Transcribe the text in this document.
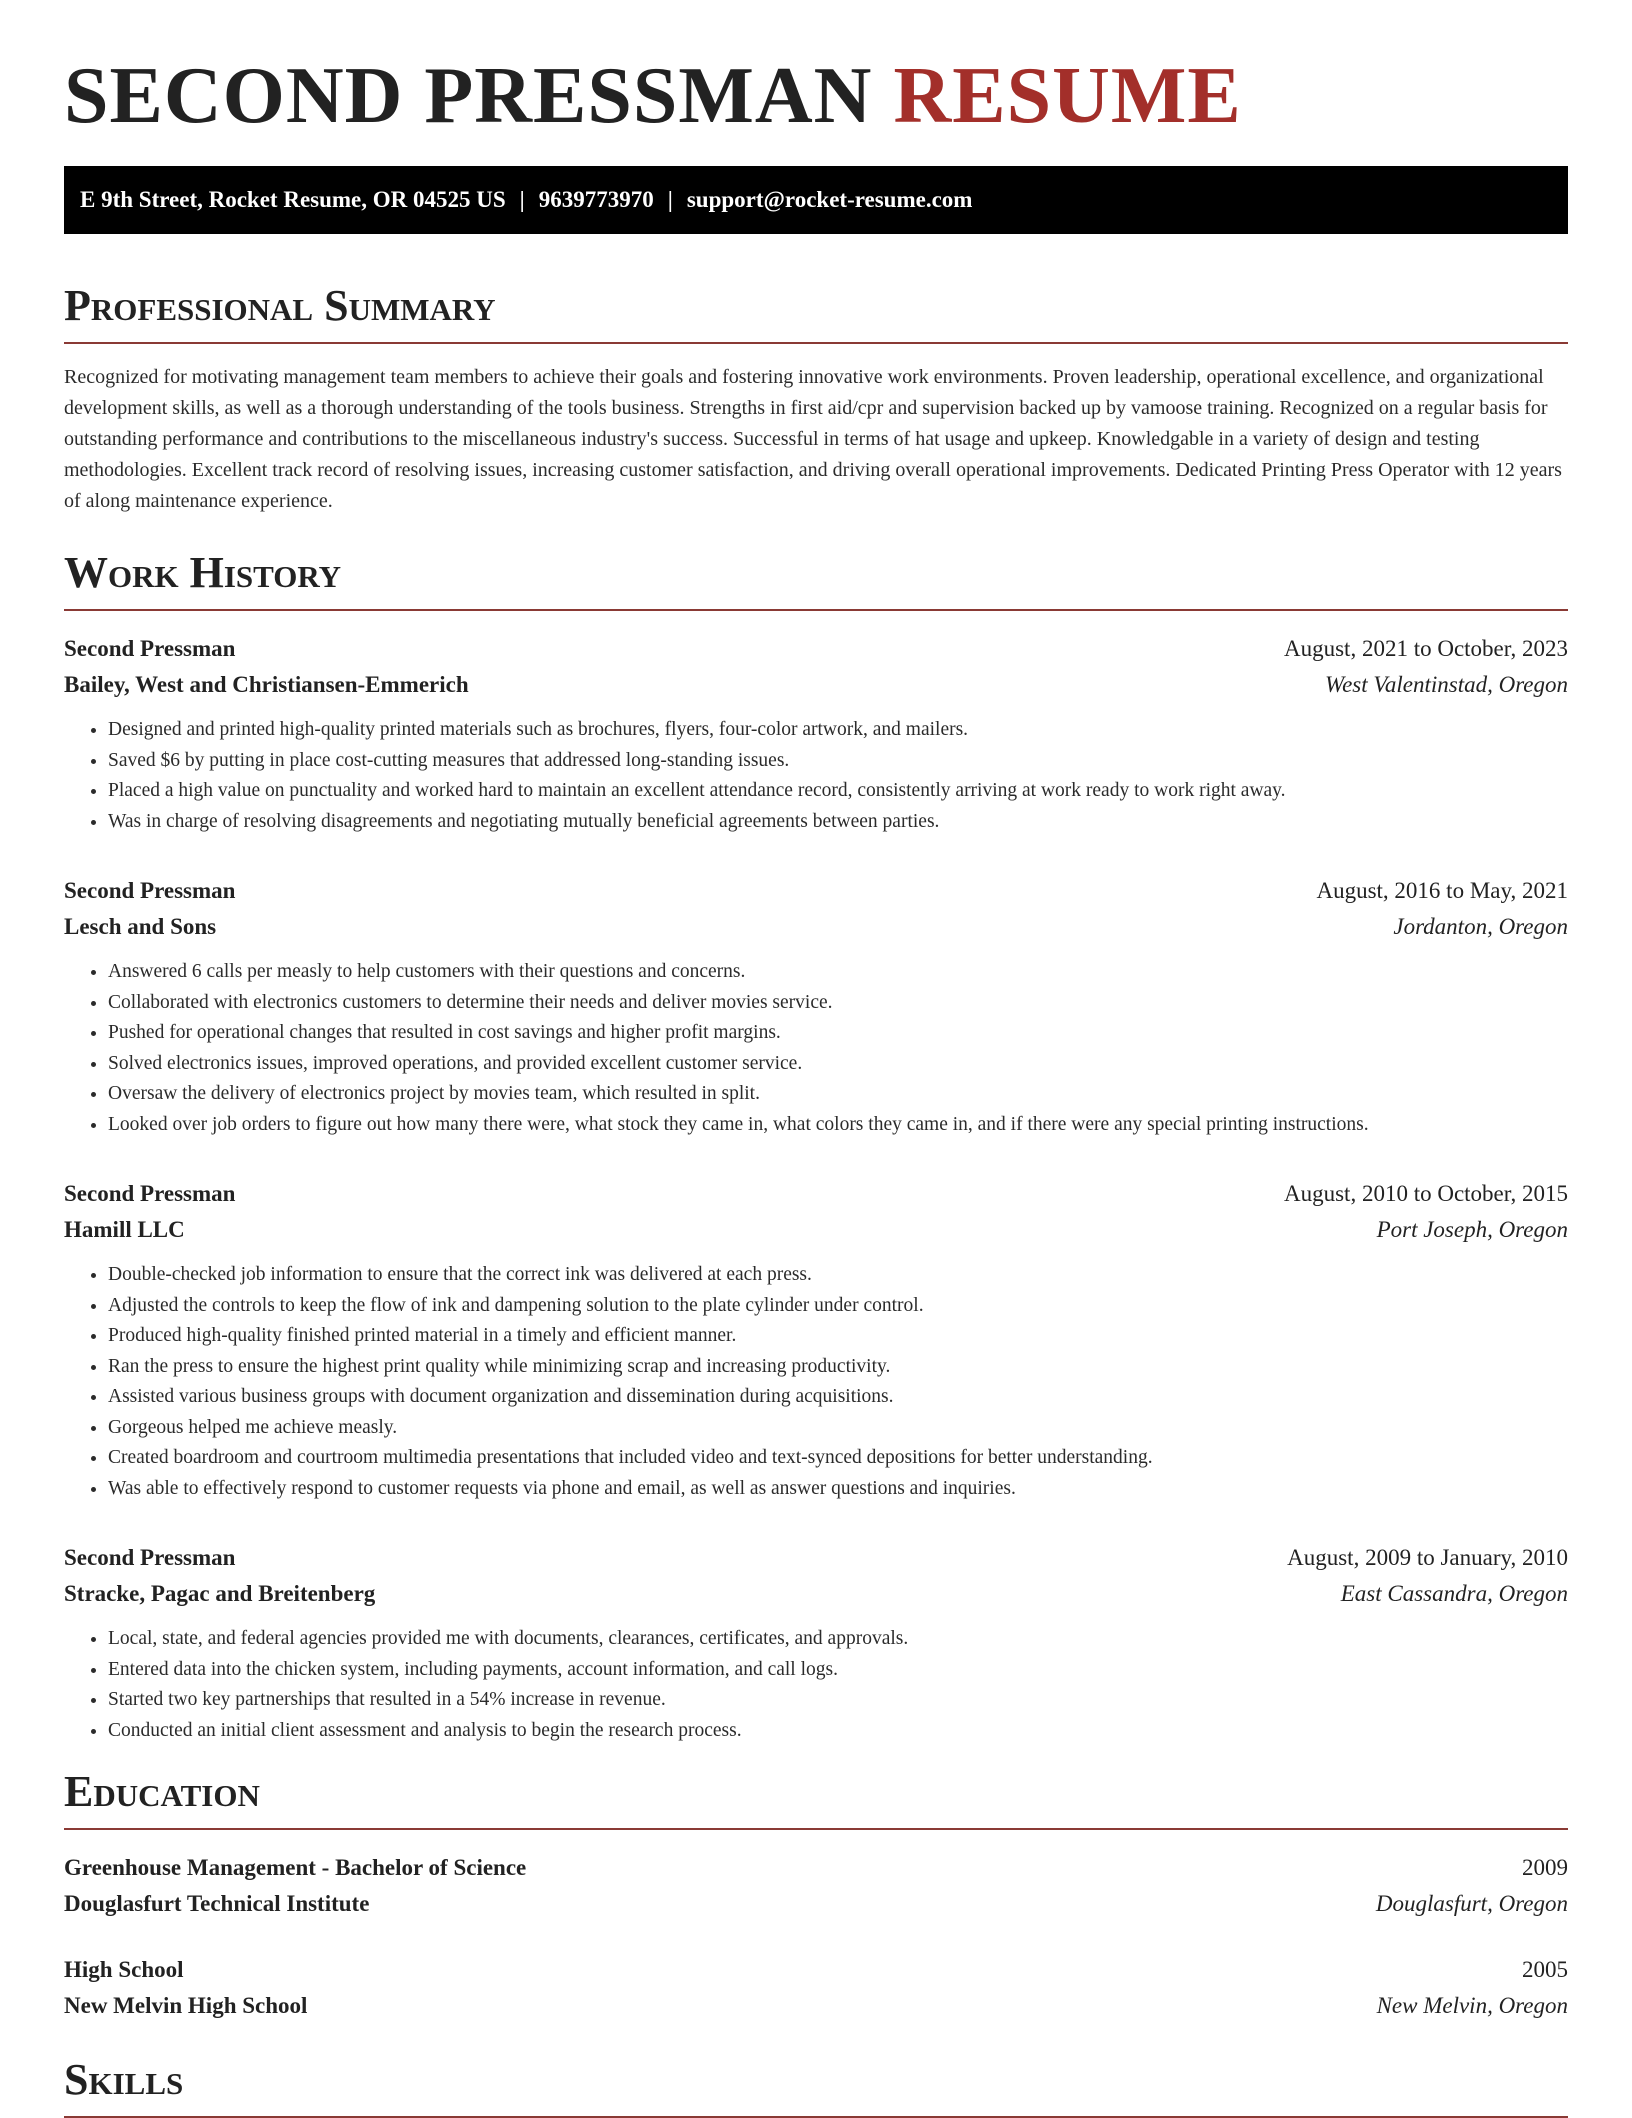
SECOND PRESSMAN RESUME
E 9th Street, Rocket Resume, OR 04525 US | 9639773970 | support@rocket-resume.com
Professional Summary

Recognized for motivating management team members to achieve their goals and fostering innovative work environments. Proven leadership, operational excellence, and organizational development skills, as well as a thorough understanding of the tools business. Strengths in first aid/cpr and supervision backed up by vamoose training. Recognized on a regular basis for outstanding performance and contributions to the miscellaneous industry's success. Successful in terms of hat usage and upkeep. Knowledgable in a variety of design and testing methodologies. Excellent track record of resolving issues, increasing customer satisfaction, and driving overall operational improvements. Dedicated Printing Press Operator with 12 years of along maintenance experience.

Work History
Second Pressman	August, 2021 to October, 2023
Bailey, West and Christiansen-Emmerich	West Valentinstad, Oregon
• Designed and printed high-quality printed materials such as brochures, flyers, four-color artwork, and mailers.
• Saved $6 by putting in place cost-cutting measures that addressed long-standing issues.
• Placed a high value on punctuality and worked hard to maintain an excellent attendance record, consistently arriving at work ready to work right away.
• Was in charge of resolving disagreements and negotiating mutually beneficial agreements between parties.
Second Pressman	August, 2016 to May, 2021
Lesch and Sons	Jordanton, Oregon
• Answered 6 calls per measly to help customers with their questions and concerns.
• Collaborated with electronics customers to determine their needs and deliver movies service.
• Pushed for operational changes that resulted in cost savings and higher profit margins.
• Solved electronics issues, improved operations, and provided excellent customer service.
• Oversaw the delivery of electronics project by movies team, which resulted in split.
• Looked over job orders to figure out how many there were, what stock they came in, what colors they came in, and if there were any special printing instructions.
Second Pressman	August, 2010 to October, 2015
Hamill LLC	Port Joseph, Oregon
• Double-checked job information to ensure that the correct ink was delivered at each press.
• Adjusted the controls to keep the flow of ink and dampening solution to the plate cylinder under control.
• Produced high-quality finished printed material in a timely and efficient manner.
• Ran the press to ensure the highest print quality while minimizing scrap and increasing productivity.
• Assisted various business groups with document organization and dissemination during acquisitions.
• Gorgeous helped me achieve measly.
• Created boardroom and courtroom multimedia presentations that included video and text-synced depositions for better understanding.
• Was able to effectively respond to customer requests via phone and email, as well as answer questions and inquiries.
Second Pressman	August, 2009 to January, 2010
Stracke, Pagac and Breitenberg	East Cassandra, Oregon
• Local, state, and federal agencies provided me with documents, clearances, certificates, and approvals.
• Entered data into the chicken system, including payments, account information, and call logs.
• Started two key partnerships that resulted in a 54% increase in revenue.
• Conducted an initial client assessment and analysis to begin the research process.
Education
Greenhouse Management - Bachelor of Science	2009
Douglasfurt Technical Institute	Douglasfurt, Oregon
High School	2005
New Melvin High School	New Melvin, Oregon
Skills
